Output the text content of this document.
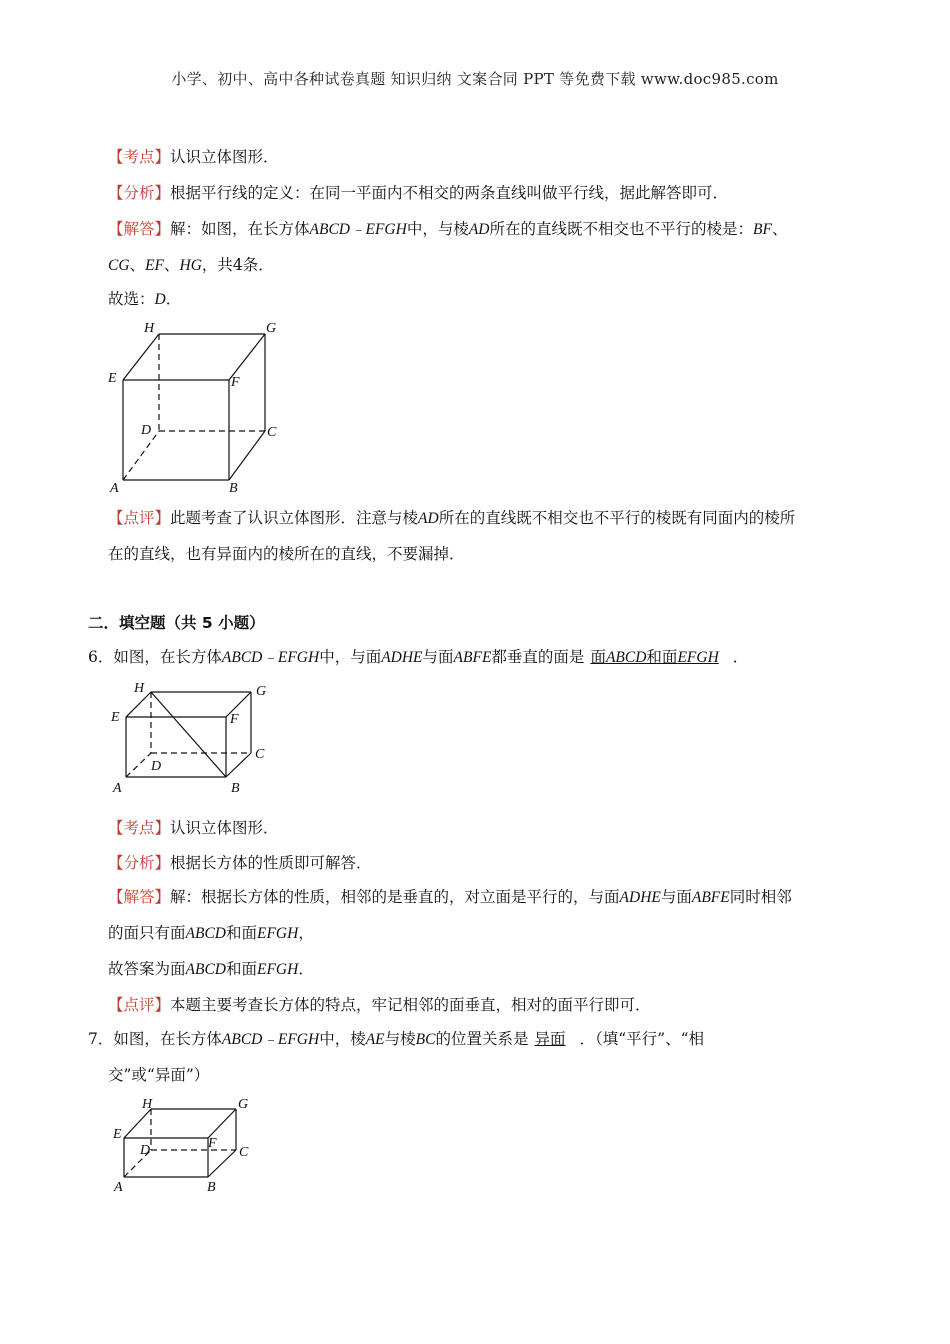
小学、初中、高中各种试卷真题 知识归纳 文案合同 PPT 等免费下载 www.doc985.com
【考点】认识立体图形．
【分析】根据平行线的定义：在同一平面内不相交的两条直线叫做平行线，据此解答即可．
【解答】解：如图，在长方体ABCD﹣EFGH中，与棱AD所在的直线既不相交也不平行的棱是：BF、
CG、EF、HG，共4条．
故选：D．
H	G
E	F
D	C
A	B
【点评】此题考查了认识立体图形．注意与棱AD所在的直线既不相交也不平行的棱既有同面内的棱所
在的直线，也有异面内的棱所在的直线，不要漏掉．
二．填空题（共 5 小题）
6．如图，在长方体ABCD﹣EFGH中，与面ADHE与面ABFE都垂直的面是 面ABCD和面EFGH ．
H	G
E	F
D
C
A	B
【考点】认识立体图形．
【分析】根据长方体的性质即可解答．
【解答】解：根据长方体的性质，相邻的是垂直的，对立面是平行的，与面ADHE与面ABFE同时相邻
的面只有面ABCD和面EFGH，
故答案为面ABCD和面EFGH．
【点评】本题主要考查长方体的特点，牢记相邻的面垂直，相对的面平行即可．
7．如图，在长方体ABCD﹣EFGH中，棱AE与棱BC的位置关系是 异面 ．（填“平行”、“相
交”或“异面”）
H	G
E
F
D	C
A	B
